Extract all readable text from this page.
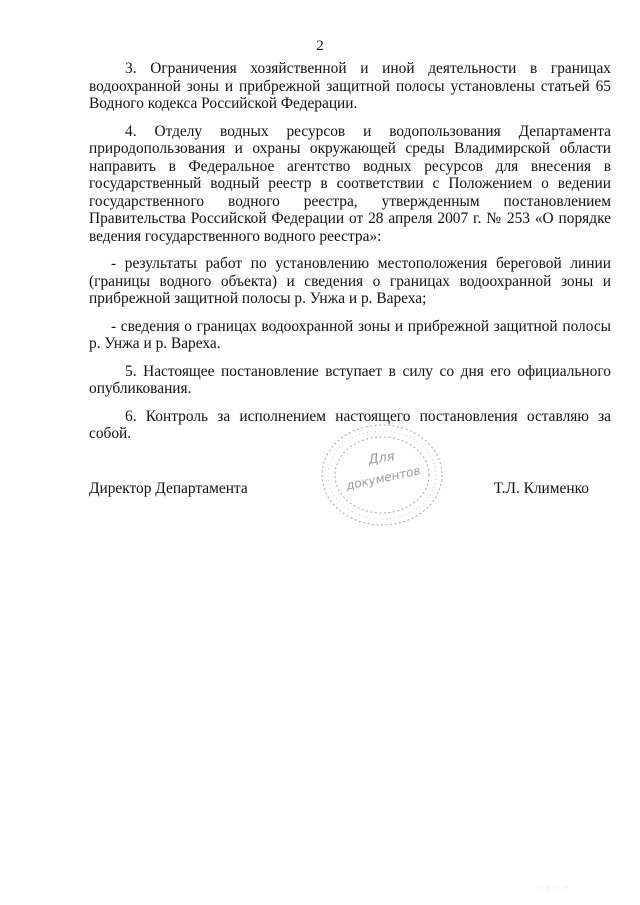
2

3. Ограничения хозяйственной и иной деятельности в границах водоохранной зоны и прибрежной защитной полосы установлены статьей 65 Водного кодекса Российской Федерации.

4. Отделу водных ресурсов и водопользования Департамента природопользования и охраны окружающей среды Владимирской области направить в Федеральное агентство водных ресурсов для внесения в государственный водный реестр в соответствии с Положением о ведении государственного водного реестра, утвержденным постановлением Правительства Российской Федерации от 28 апреля 2007 г. № 253 «О порядке ведения государственного водного реестра»:

- результаты работ по установлению местоположения береговой линии (границы водного объекта) и сведения о границах водоохранной зоны и прибрежной защитной полосы р. Унжа и р. Вареха;

- сведения о границах водоохранной зоны и прибрежной защитной полосы р. Унжа и р. Вареха.

5. Настоящее постановление вступает в силу со дня его официального опубликования.

6. Контроль за исполнением настоящего постановления оставляю за собой.

Для
документов
Директор Департамента	Т.Л. Клименко
· · · ·
